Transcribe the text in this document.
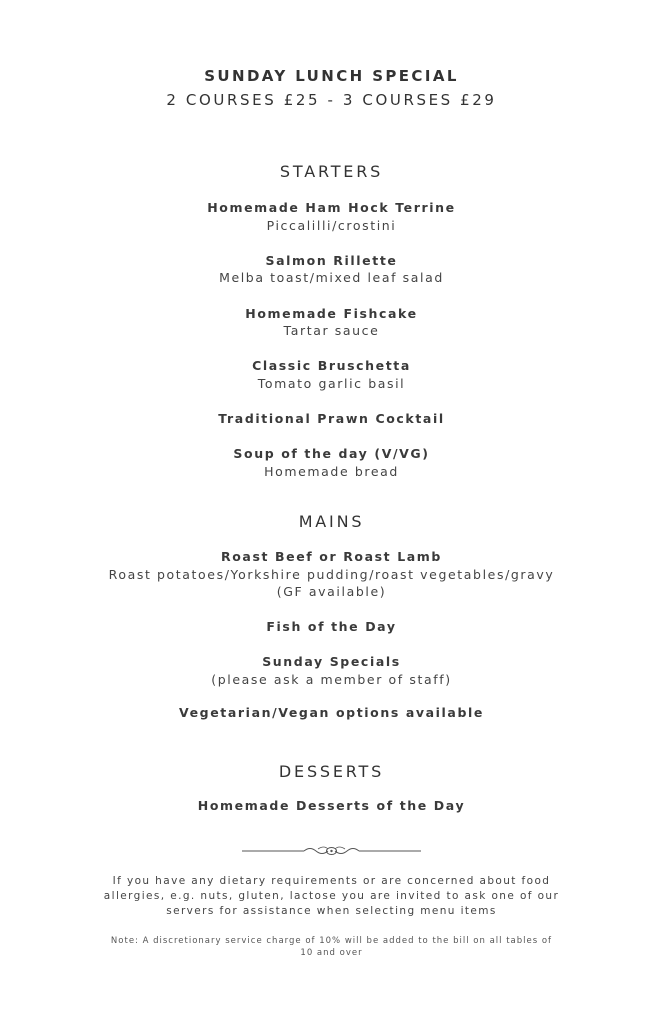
SUNDAY LUNCH SPECIAL

2 COURSES £25 - 3 COURSES £29

STARTERS

Homemade Ham Hock Terrine

Piccalilli/crostini

Salmon Rillette

Melba toast/mixed leaf salad

Homemade Fishcake

Tartar sauce

Classic Bruschetta

Tomato garlic basil

Traditional Prawn Cocktail

Soup of the day (V/VG)

Homemade bread

MAINS

Roast Beef or Roast Lamb

Roast potatoes/Yorkshire pudding/roast vegetables/gravy

(GF available)

Fish of the Day

Sunday Specials

(please ask a member of staff)

Vegetarian/Vegan options available

DESSERTS

Homemade Desserts of the Day

If you have any dietary requirements or are concerned about food

allergies, e.g. nuts, gluten, lactose you are invited to ask one of our

servers for assistance when selecting menu items

Note: A discretionary service charge of 10% will be added to the bill on all tables of

10 and over
